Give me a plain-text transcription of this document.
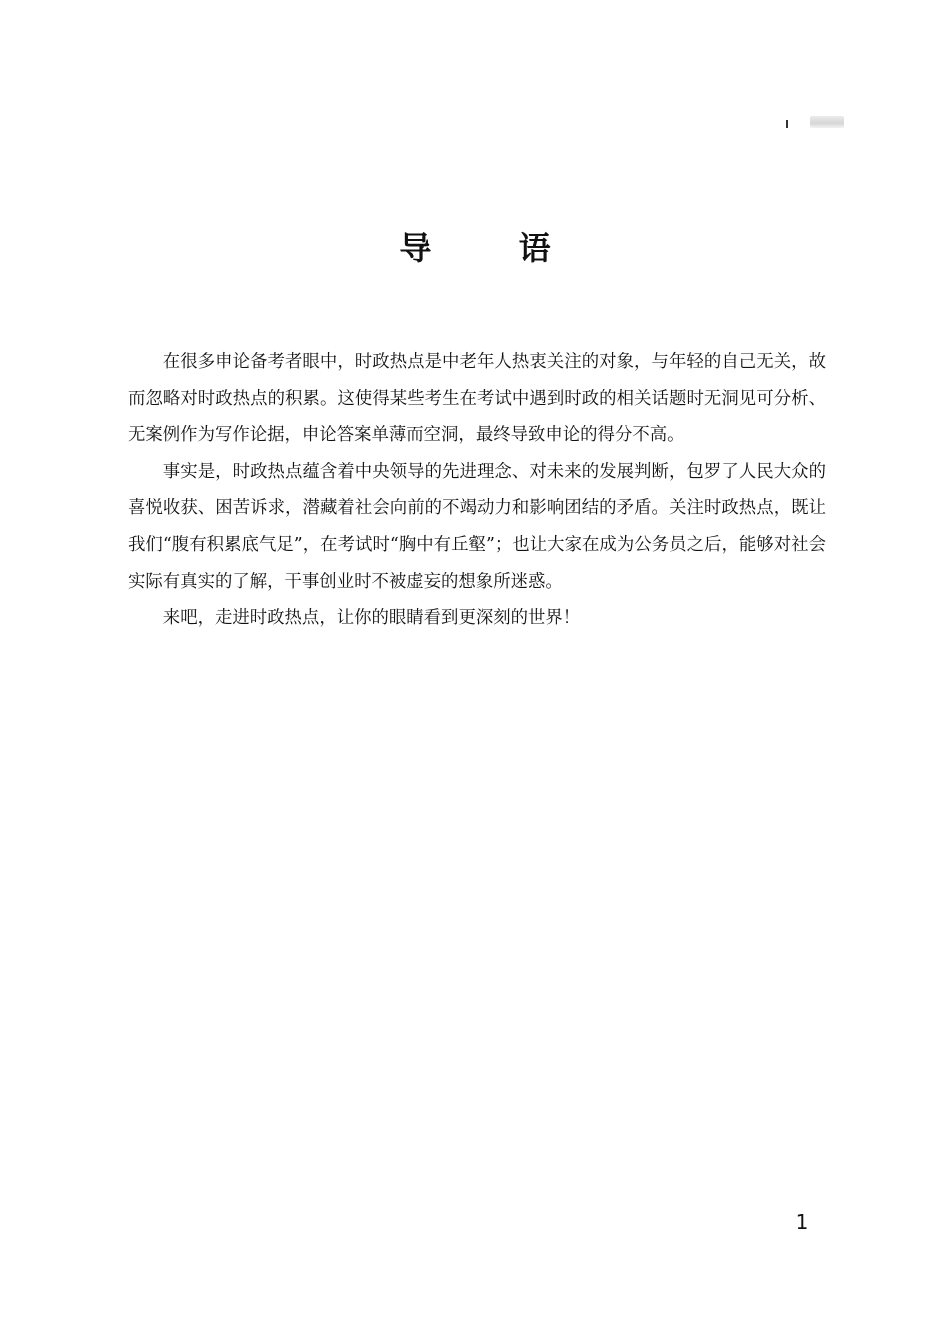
导 语

在很多申论备考者眼中，时政热点是中老年人热衷关注的对象，与年轻的自己无关，故而忽略对时政热点的积累。这使得某些考生在考试中遇到时政的相关话题时无洞见可分析、无案例作为写作论据，申论答案单薄而空洞，最终导致申论的得分不高。

事实是，时政热点蕴含着中央领导的先进理念、对未来的发展判断，包罗了人民大众的喜悦收获、困苦诉求，潜藏着社会向前的不竭动力和影响团结的矛盾。关注时政热点，既让我们“腹有积累底气足”，在考试时“胸中有丘壑”；也让大家在成为公务员之后，能够对社会实际有真实的了解，干事创业时不被虚妄的想象所迷惑。

来吧，走进时政热点，让你的眼睛看到更深刻的世界！

1
